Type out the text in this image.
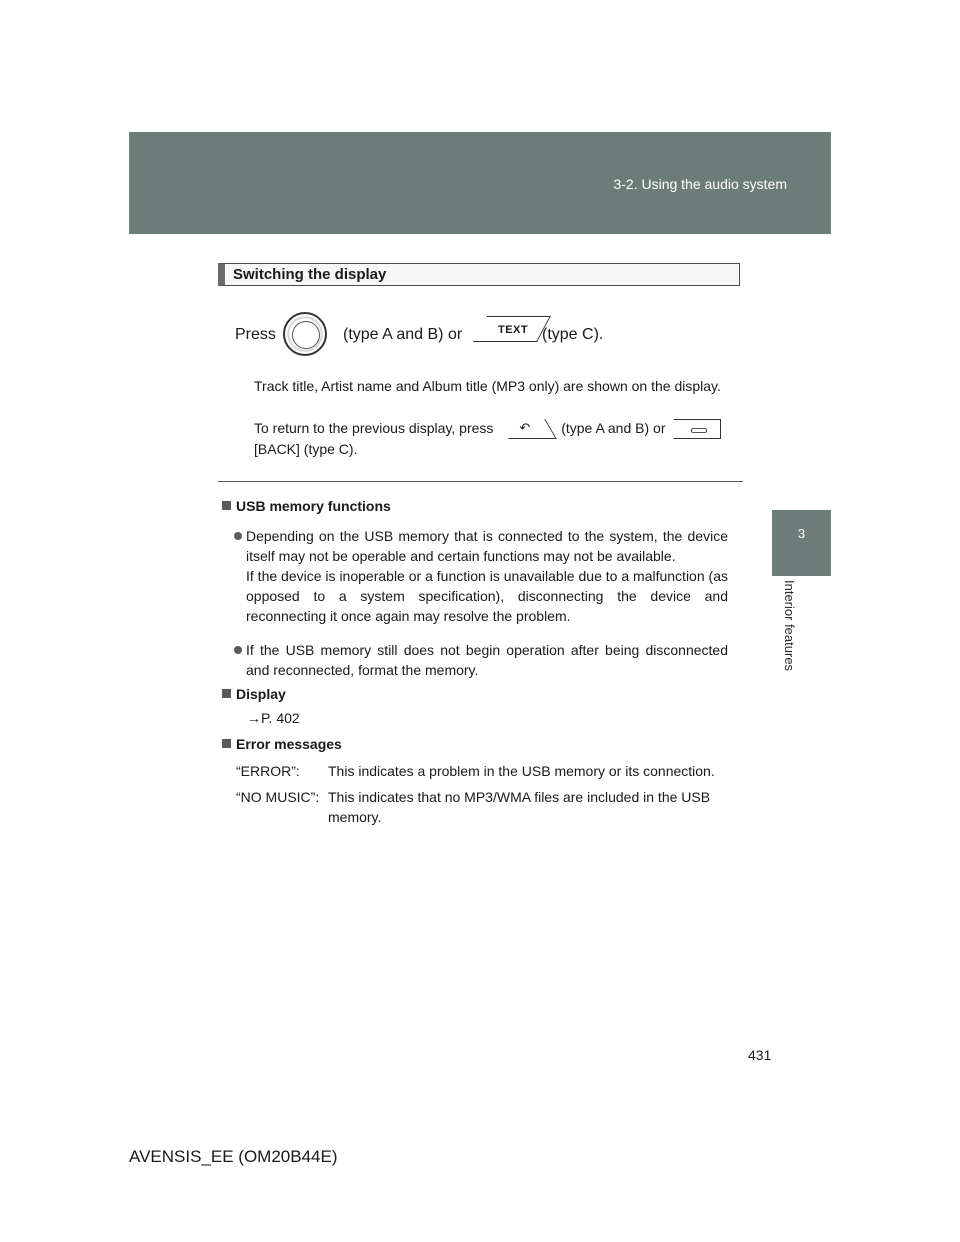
3-2. Using the audio system
3
Interior features
Switching the display
Press	(type A and B) or	TEXT (type C).
Track title, Artist name and Album title (MP3 only) are shown on the display.
To return to the previous display, press ↶ (type A and B) or
[BACK] (type C).
USB memory functions
Depending on the USB memory that is connected to the system, the device itself may not be operable and certain functions may not be available.
If the device is inoperable or a function is unavailable due to a malfunction (as opposed to a system specification), disconnecting the device and reconnecting it once again may resolve the problem.
If the USB memory still does not begin operation after being disconnected and reconnected, format the memory.
Display
→P. 402
Error messages
“ERROR”: This indicates a problem in the USB memory or its connection.
“NO MUSIC”: This indicates that no MP3/WMA files are included in the USB memory.
431
AVENSIS_EE (OM20B44E)
